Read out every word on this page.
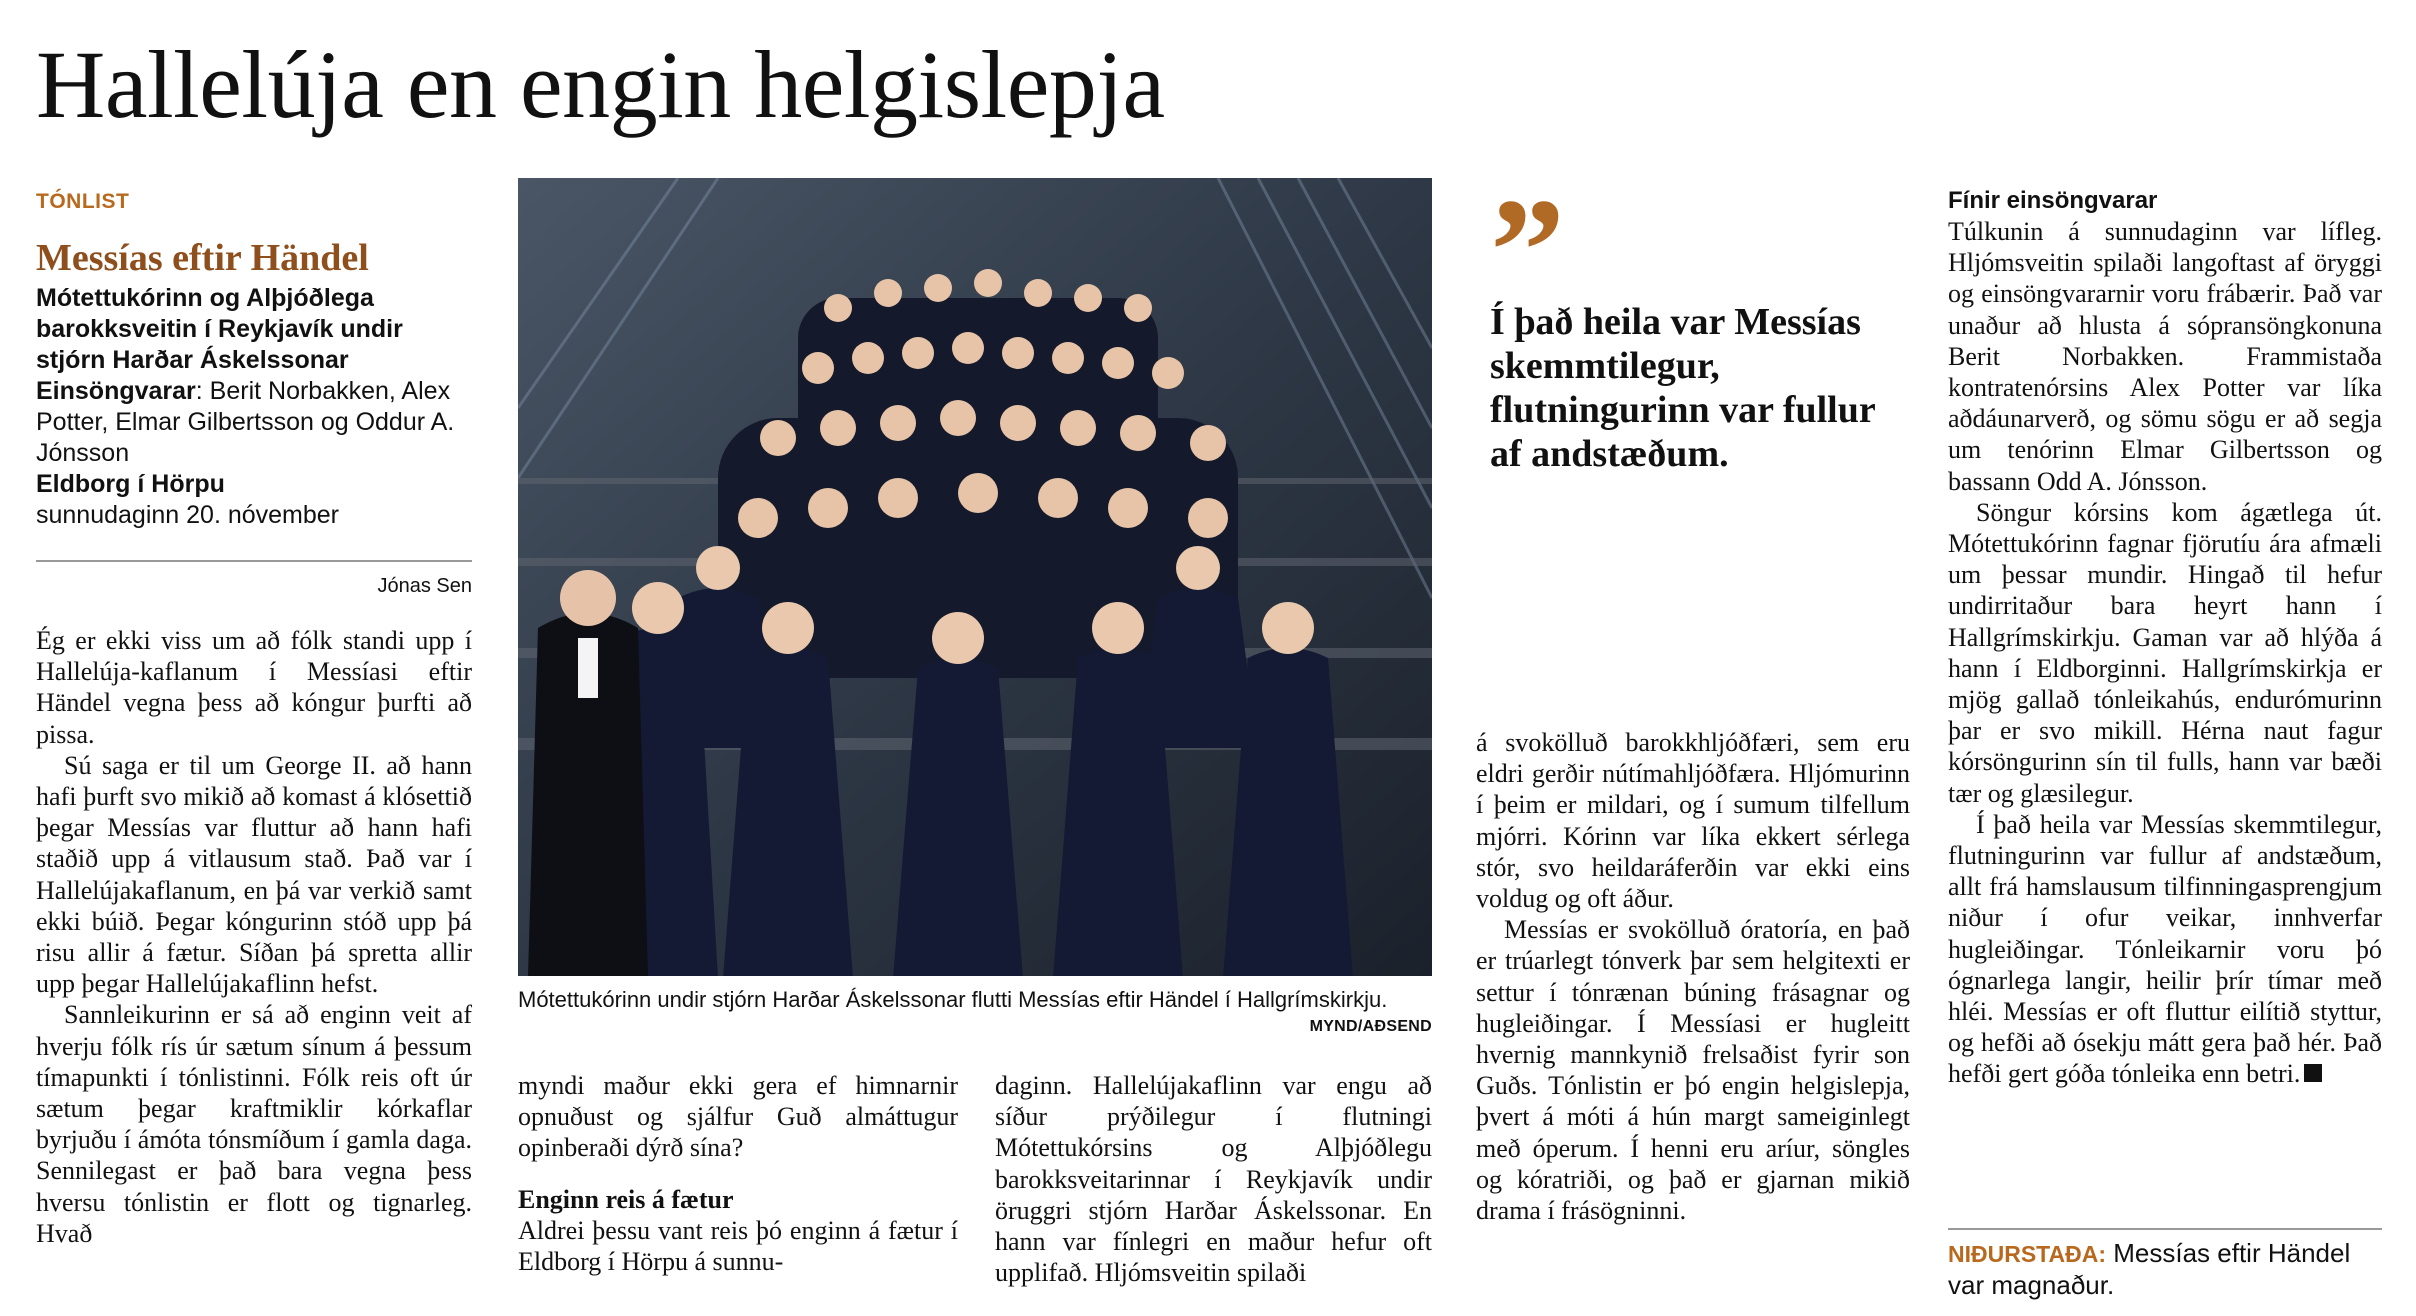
Hallelúja en engin helgislepja
TÓNLIST
Messías eftir Händel
Mótettukórinn og Alþjóðlega barokksveitin í Reykjavík undir stjórn Harðar Áskelssonar
Einsöngvarar: Berit Norbakken, Alex Potter, Elmar Gilbertsson og Oddur A. Jónsson
Eldborg í Hörpu
sunnudaginn 20. nóvember
Jónas Sen

Ég er ekki viss um að fólk standi upp í Hallelúja-kaflanum í Messíasi eftir Händel vegna þess að kóngur þurfti að pissa.

Sú saga er til um George II. að hann hafi þurft svo mikið að komast á klósettið þegar Messías var fluttur að hann hafi staðið upp á vitlausum stað. Það var í Hallelújakaflanum, en þá var verkið samt ekki búið. Þegar kóngurinn stóð upp þá risu allir á fætur. Síðan þá spretta allir upp þegar Hallelújakaflinn hefst.

Sannleikurinn er sá að enginn veit af hverju fólk rís úr sætum sínum á þessum tímapunkti í tónlistinni. Fólk reis oft úr sætum þegar kraftmiklir kórkaflar byrjuðu í ámóta tónsmíðum í gamla daga. Sennilegast er það bara vegna þess hversu tónlistin er flott og tignarleg. Hvað

Mótettukórinn undir stjórn Harðar Áskelssonar flutti Messías eftir Händel í Hallgrímskirkju.
MYND/AÐSEND

myndi maður ekki gera ef himnarnir opnuðust og sjálfur Guð almáttugur opinberaði dýrð sína?

Enginn reis á fætur

Aldrei þessu vant reis þó enginn á fætur í Eldborg í Hörpu á sunnu-

daginn. Hallelújakaflinn var engu að síður prýðilegur í flutningi Mótettukórsins og Alþjóðlegu barokksveitarinnar í Reykjavík undir öruggri stjórn Harðar Áskelssonar. En hann var fínlegri en maður hefur oft upplifað. Hljómsveitin spilaði

”
Í það heila var Messías skemmtilegur, flutningurinn var fullur af andstæðum.

á svokölluð barokkhljóðfæri, sem eru eldri gerðir nútímahljóðfæra. Hljómurinn í þeim er mildari, og í sumum tilfellum mjórri. Kórinn var líka ekkert sérlega stór, svo heildaráferðin var ekki eins voldug og oft áður.

Messías er svokölluð óratoría, en það er trúarlegt tónverk þar sem helgitexti er settur í tónrænan búning frásagnar og hugleiðingar. Í Messíasi er hugleitt hvernig mannkynið frelsaðist fyrir son Guðs. Tónlistin er þó engin helgislepja, þvert á móti á hún margt sameiginlegt með óperum. Í henni eru aríur, söngles og kóratriði, og það er gjarnan mikið drama í frásögninni.

Fínir einsöngvarar

Túlkunin á sunnudaginn var lífleg. Hljómsveitin spilaði langoftast af öryggi og einsöngvararnir voru frábærir. Það var unaður að hlusta á sópransöngkonuna Berit Norbakken. Frammistaða kontratenórsins Alex Potter var líka aðdáunarverð, og sömu sögu er að segja um tenórinn Elmar Gilbertsson og bassann Odd A. Jónsson.

Söngur kórsins kom ágætlega út. Mótettukórinn fagnar fjörutíu ára afmæli um þessar mundir. Hingað til hefur undirritaður bara heyrt hann í Hallgrímskirkju. Gaman var að hlýða á hann í Eldborginni. Hallgrímskirkja er mjög gallað tónleikahús, endurómurinn þar er svo mikill. Hérna naut fagur kórsöngurinn sín til fulls, hann var bæði tær og glæsilegur.

Í það heila var Messías skemmtilegur, flutningurinn var fullur af andstæðum, allt frá hamslausum tilfinningasprengjum niður í ofur veikar, innhverfar hugleiðingar. Tónleikarnir voru þó ógnarlega langir, heilir þrír tímar með hléi. Messías er oft fluttur eilítið styttur, og hefði að ósekju mátt gera það hér. Það hefði gert góða tónleika enn betri.

NIÐURSTAÐA: Messías eftir Händel var magnaður.
